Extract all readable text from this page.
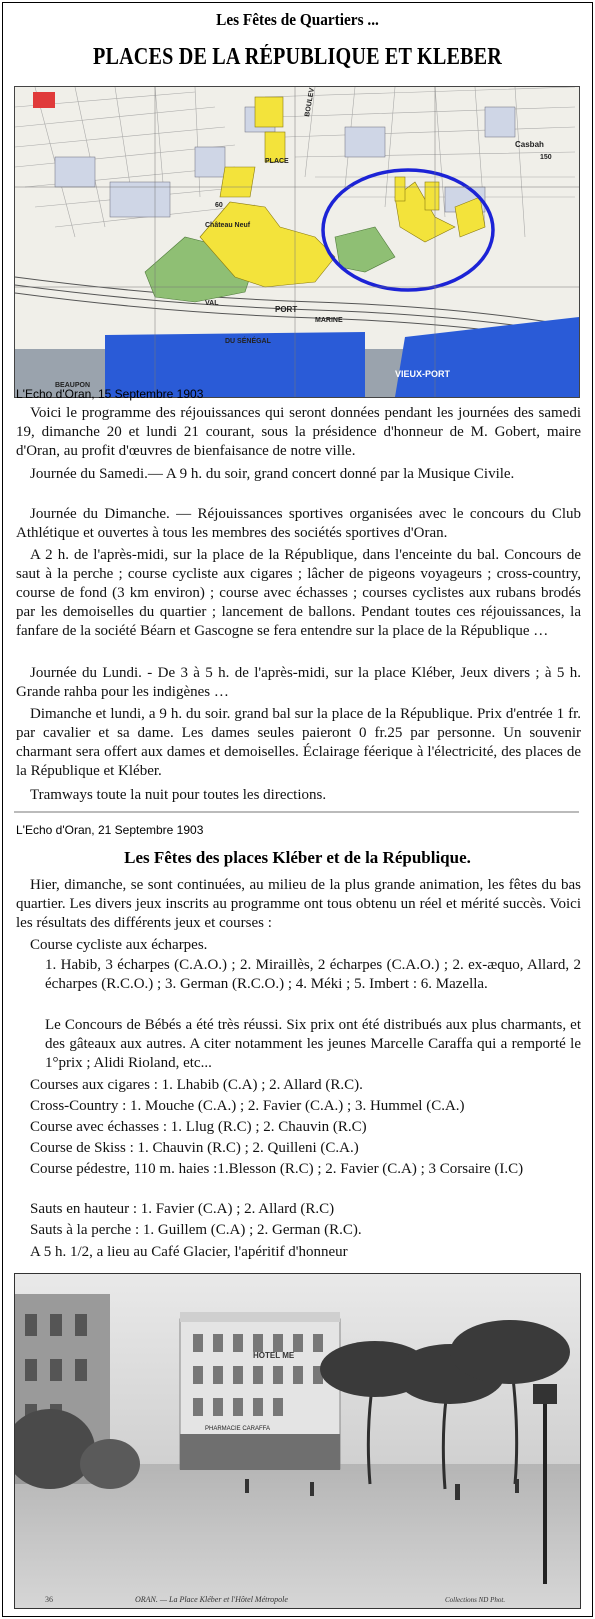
Les Fêtes de Quartiers ...
PLACES DE LA RÉPUBLIQUE ET KLEBER
PLACE
Château Neuf
PORT
MARINE
DU SÉNÉGAL
VIEUX-PORT
Casbah
BEAUPON
VAL
150
60
BOULEV
L'Echo d'Oran, 15 Septembre 1903

Voici le programme des réjouissances qui seront données pendant les journées des samedi 19, dimanche 20 et lundi 21 courant, sous la présidence d'honneur de M. Gobert, maire d'Oran, au profit d'œuvres de bienfaisance de notre ville.

Journée du Samedi.— A 9 h. du soir, grand concert donné par la Musique Civile.

Journée du Dimanche. — Réjouissances sportives organisées avec le concours du Club Athlétique et ouvertes à tous les membres des sociétés sportives d'Oran.

A 2 h. de l'après-midi, sur la place de la République, dans l'enceinte du bal. Concours de saut à la perche ; course cycliste aux cigares ; lâcher de pigeons voyageurs ; cross-country, course de fond (3 km environ) ; course avec échasses ; courses cyclistes aux rubans brodés par les demoiselles du quartier ; lancement de ballons. Pendant toutes ces réjouissances, la fanfare de la société Béarn et Gascogne se fera entendre sur la place de la République …

Journée du Lundi. - De 3 à 5 h. de l'après-midi, sur la place Kléber, Jeux divers ; à 5 h. Grande rahba pour les indigènes …

Dimanche et lundi, a 9 h. du soir. grand bal sur la place de la République. Prix d'entrée 1 fr. par cavalier et sa dame. Les dames seules paieront 0 fr.25 par personne. Un souvenir charmant sera offert aux dames et demoiselles. Éclairage féerique à l'électricité, des places de la République et Kléber.

Tramways toute la nuit pour toutes les directions.

L'Echo d'Oran, 21 Septembre 1903
Les Fêtes des places Kléber et de la République.

Hier, dimanche, se sont continuées, au milieu de la plus grande animation, les fêtes du bas quartier. Les divers jeux inscrits au programme ont tous obtenu un réel et mérité succès. Voici les résultats des différents jeux et courses :

Course cycliste aux écharpes.

1. Habib, 3 écharpes (C.A.O.) ; 2. Miraillès, 2 écharpes (C.A.O.) ; 2. ex-æquo, Allard, 2 écharpes (R.C.O.) ; 3. German (R.C.O.) ; 4. Méki ; 5. Imbert : 6. Mazella.

Le Concours de Bébés a été très réussi. Six prix ont été distribués aux plus charmants, et des gâteaux aux autres. A citer notamment les jeunes Marcelle Caraffa qui a remporté le 1°prix ; Alidi Rioland, etc...

Courses aux cigares : 1. Lhabib (C.A) ; 2. Allard (R.C).
Cross-Country : 1. Mouche (C.A.) ; 2. Favier (C.A.) ; 3. Hummel (C.A.)
Course avec échasses : 1. Llug (R.C) ; 2. Chauvin (R.C)
Course de Skiss : 1. Chauvin (R.C) ; 2. Quilleni (C.A.)

Course pédestre, 110 m. haies :1.Blesson (R.C) ; 2. Favier (C.A) ; 3 Corsaire (I.C)

Sauts en hauteur : 1. Favier (C.A) ; 2. Allard (R.C)
Sauts à la perche : 1. Guillem (C.A) ; 2. German (R.C).
A 5 h. 1/2, a lieu au Café Glacier, l'apéritif d'honneur
HOTEL ME
PHARMACIE CARAFFA
36	ORAN. — La Place Kléber et l'Hôtel Métropole	Collections ND Phot.
